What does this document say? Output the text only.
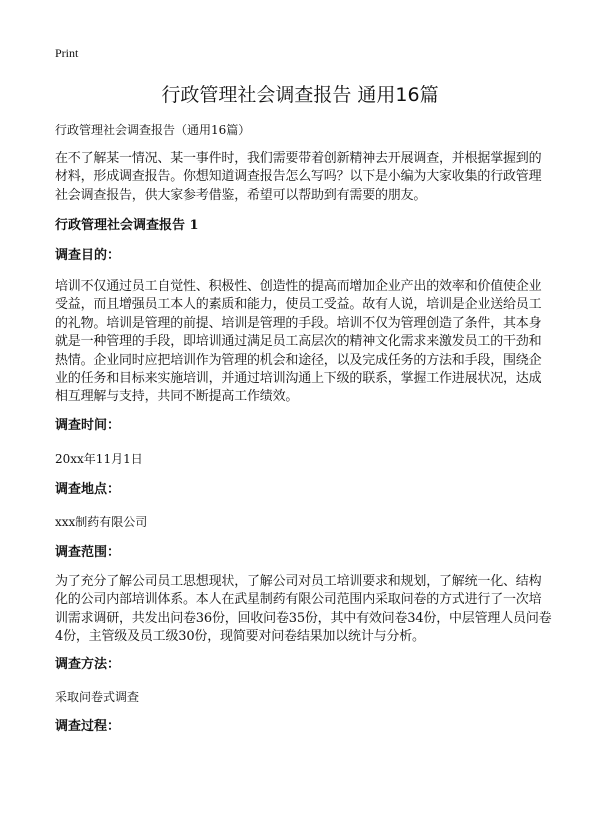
Print
行政管理社会调查报告 通用16篇

行政管理社会调查报告（通用16篇）

在不了解某一情况、某一事件时，我们需要带着创新精神去开展调查，并根据掌握到的材料，形成调查报告。你想知道调查报告怎么写吗？以下是小编为大家收集的行政管理社会调查报告，供大家参考借鉴，希望可以帮助到有需要的朋友。

行政管理社会调查报告 1

调查目的：

培训不仅通过员工自觉性、积极性、创造性的提高而增加企业产出的效率和价值使企业受益，而且增强员工本人的素质和能力，使员工受益。故有人说，培训是企业送给员工的礼物。培训是管理的前提、培训是管理的手段。培训不仅为管理创造了条件，其本身就是一种管理的手段，即培训通过满足员工高层次的精神文化需求来激发员工的干劲和热情。企业同时应把培训作为管理的机会和途径，以及完成任务的方法和手段，围绕企业的任务和目标来实施培训，并通过培训沟通上下级的联系，掌握工作进展状况，达成相互理解与支持，共同不断提高工作绩效。

调查时间：

20xx年11月1日

调查地点：

xxx制药有限公司

调查范围：

为了充分了解公司员工思想现状，了解公司对员工培训要求和规划，了解统一化、结构化的公司内部培训体系。本人在武星制药有限公司范围内采取问卷的方式进行了一次培训需求调研，共发出问卷36份，回收问卷35份，其中有效问卷34份，中层管理人员问卷4份，主管级及员工级30份，现简要对问卷结果加以统计与分析。

调查方法：

采取问卷式调查

调查过程：
